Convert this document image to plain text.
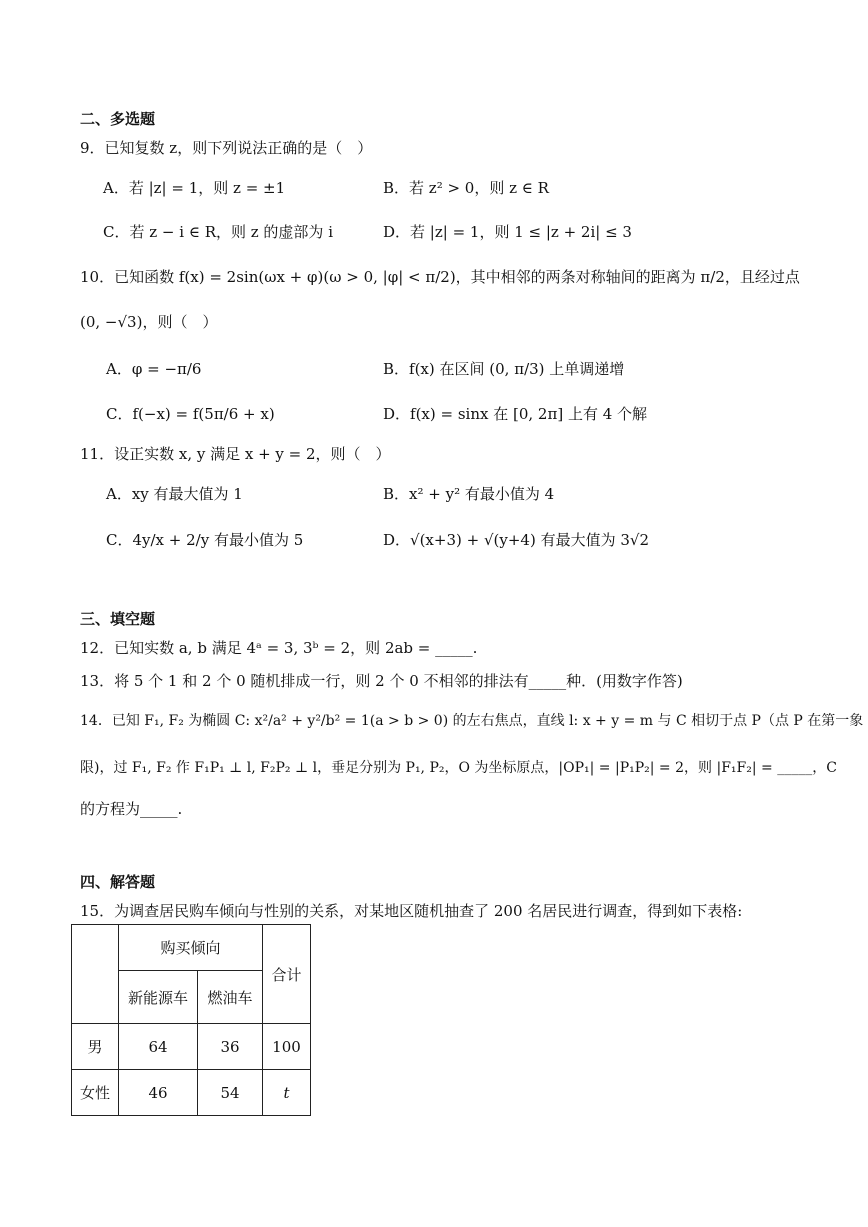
二、多选题
9．已知复数 z，则下列说法正确的是（　）
A．若 |z| = 1，则 z = ±1	B．若 z² > 0，则 z ∈ R
C．若 z − i ∈ R，则 z 的虚部为 i	D．若 |z| = 1，则 1 ≤ |z + 2i| ≤ 3
10．已知函数 f(x) = 2sin(ωx + φ)(ω > 0, |φ| < π/2)，其中相邻的两条对称轴间的距离为 π/2，且经过点
(0, −√3)，则（　）
A．φ = −π/6	B．f(x) 在区间 (0, π/3) 上单调递增
C．f(−x) = f(5π/6 + x)	D．f(x) = sinx 在 [0, 2π] 上有 4 个解
11．设正实数 x, y 满足 x + y = 2，则（　）
A．xy 有最大值为 1	B．x² + y² 有最小值为 4
C．4y/x + 2/y 有最小值为 5	D．√(x+3) + √(y+4) 有最大值为 3√2
三、填空题
12．已知实数 a, b 满足 4ᵃ = 3, 3ᵇ = 2，则 2ab = _____.
13．将 5 个 1 和 2 个 0 随机排成一行，则 2 个 0 不相邻的排法有_____种．(用数字作答)
14．已知 F₁, F₂ 为椭圆 C: x²/a² + y²/b² = 1(a > b > 0) 的左右焦点，直线 l: x + y = m 与 C 相切于点 P（点 P 在第一象
限)，过 F₁, F₂ 作 F₁P₁ ⊥ l, F₂P₂ ⊥ l，垂足分别为 P₁, P₂，O 为坐标原点，|OP₁| = |P₁P₂| = 2，则 |F₁F₂| = _____，C
的方程为_____.
四、解答题
15．为调查居民购车倾向与性别的关系，对某地区随机抽查了 200 名居民进行调查，得到如下表格:
	购买倾向		合计
	新能源车	燃油车	
男	64	36	100
女性	46	54	t
